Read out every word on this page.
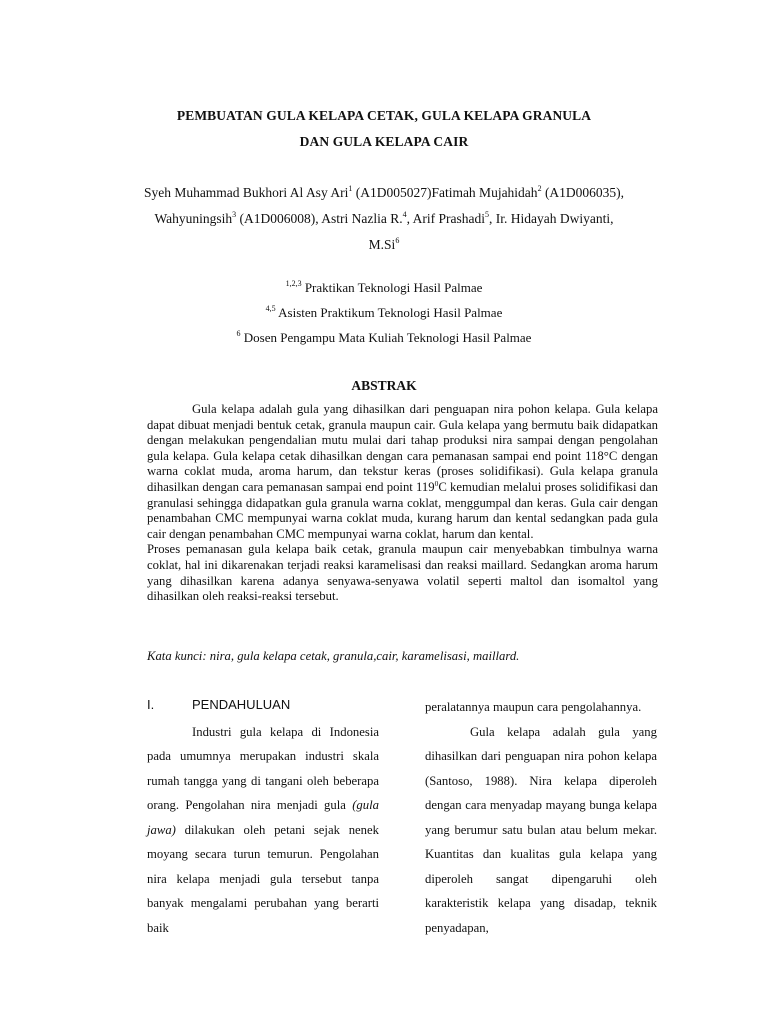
PEMBUATAN GULA KELAPA CETAK, GULA KELAPA GRANULA
DAN GULA KELAPA CAIR
Syeh Muhammad Bukhori Al Asy Ari$^1$ (A1D005027)Fatimah Mujahidah$^2$ (A1D006035),
Wahyuningsih$^3$ (A1D006008), Astri Nazlia R.$^4$, Arif Prashadi$^5$, Ir. Hidayah Dwiyanti,
M.Si$^6$
$^{1,2,3}$ Praktikan Teknologi Hasil Palmae
$^{4,5}$ Asisten Praktikum Teknologi Hasil Palmae
$^6$ Dosen Pengampu Mata Kuliah Teknologi Hasil Palmae
ABSTRAK

Gula kelapa adalah gula yang dihasilkan dari penguapan nira pohon kelapa. Gula kelapa dapat dibuat menjadi bentuk cetak, granula maupun cair. Gula kelapa yang bermutu baik didapatkan dengan melakukan pengendalian mutu mulai dari tahap produksi nira sampai dengan pengolahan gula kelapa. Gula kelapa cetak dihasilkan dengan cara pemanasan sampai end point 118°C dengan warna coklat muda, aroma harum, dan tekstur keras (proses solidifikasi). Gula kelapa granula dihasilkan dengan cara pemanasan sampai end point $119^0C$ kemudian melalui proses solidifikasi dan granulasi sehingga didapatkan gula granula warna coklat, menggumpal dan keras. Gula cair dengan penambahan CMC mempunyai warna coklat muda, kurang harum dan kental sedangkan pada gula cair dengan penambahan CMC mempunyai warna coklat, harum dan kental.

Proses pemanasan gula kelapa baik cetak, granula maupun cair menyebabkan timbulnya warna coklat, hal ini dikarenakan terjadi reaksi karamelisasi dan reaksi maillard. Sedangkan aroma harum yang dihasilkan karena adanya senyawa-senyawa volatil seperti maltol dan isomaltol yang dihasilkan oleh reaksi-reaksi tersebut.

Kata kunci: nira, gula kelapa cetak, granula,cair, karamelisasi, maillard.
I.	PENDAHULUAN

Industri gula kelapa di Indonesia pada umumnya merupakan industri skala rumah tangga yang di tangani oleh beberapa orang. Pengolahan nira menjadi gula (gula jawa) dilakukan oleh petani sejak nenek moyang secara turun temurun. Pengolahan nira kelapa menjadi gula tersebut tanpa banyak mengalami perubahan yang berarti baik

peralatannya maupun cara pengolahannya.

Gula kelapa adalah gula yang dihasilkan dari penguapan nira pohon kelapa (Santoso, 1988). Nira kelapa diperoleh dengan cara menyadap mayang bunga kelapa yang berumur satu bulan atau belum mekar. Kuantitas dan kualitas gula kelapa yang diperoleh sangat dipengaruhi oleh karakteristik kelapa yang disadap, teknik penyadapan,
